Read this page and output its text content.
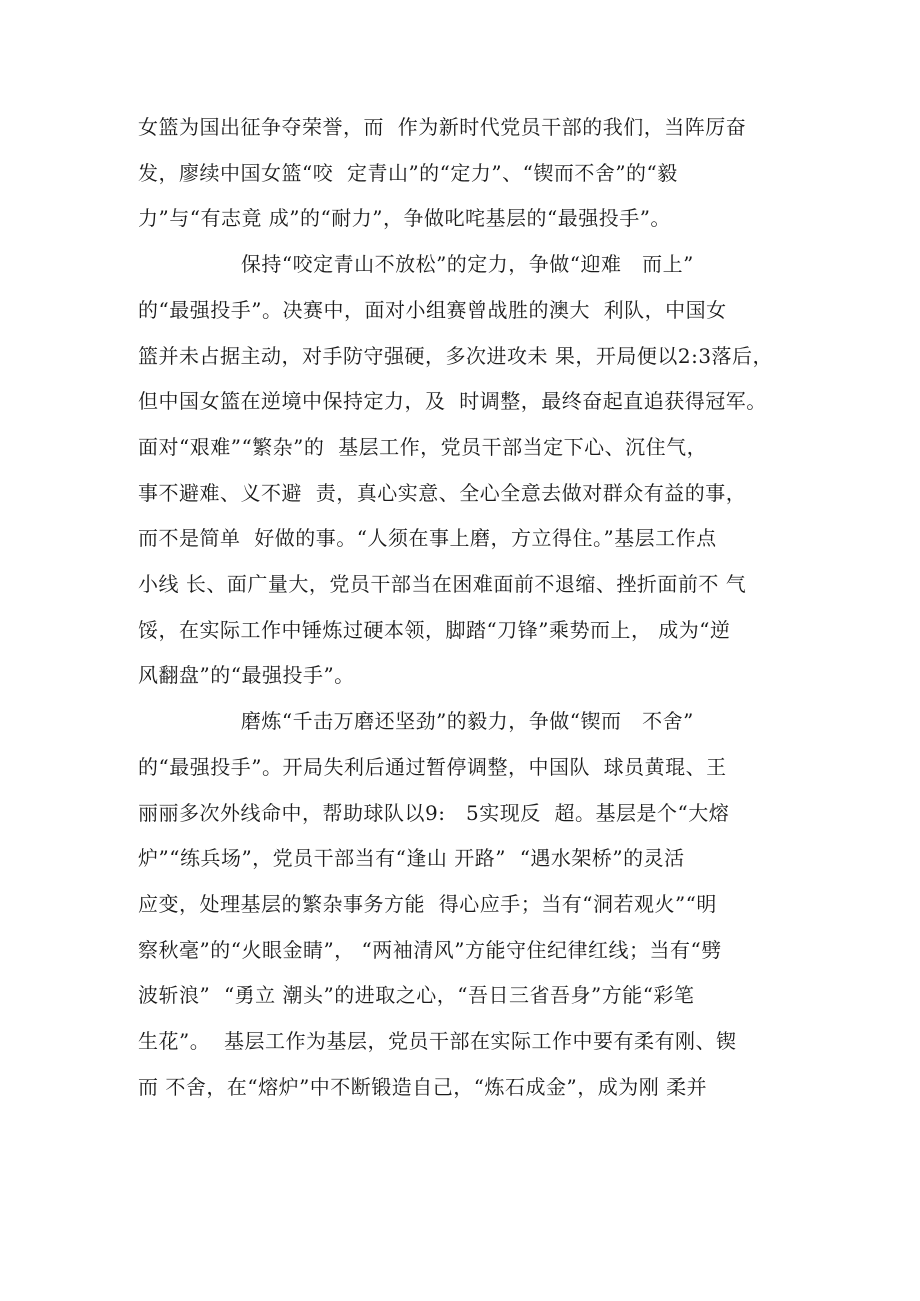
女篮为国出征争夺荣誉，而  作为新时代党员干部的我们，当阵厉奋
发，廖续中国女篮“咬  定青山”的“定力”、“锲而不舍”的“毅
力”与“有志竟 成”的“耐力”，争做叱咤基层的“最强投手”。
保持“咬定青山不放松”的定力，争做“迎难   而上”
的“最强投手”。决赛中，面对小组赛曾战胜的澳大  利队，中国女
篮并未占据主动，对手防守强硬，多次进攻未 果，开局便以2:3落后，
但中国女篮在逆境中保持定力，及  时调整，最终奋起直追获得冠军。
面对“艰难”“繁杂”的  基层工作，党员干部当定下心、沉住气，
事不避难、义不避  责，真心实意、全心全意去做对群众有益的事，
而不是简单  好做的事。“人须在事上磨，方立得住。”基层工作点
小线 长、面广量大，党员干部当在困难面前不退缩、挫折面前不 气
馁，在实际工作中锤炼过硬本领，脚踏“刀锋”乘势而上， 成为“逆
风翻盘”的“最强投手”。
磨炼“千击万磨还坚劲”的毅力，争做“锲而   不舍”
的“最强投手”。开局失利后通过暂停调整，中国队  球员黄琨、王
丽丽多次外线命中，帮助球队以9:   5实现反  超。基层是个“大熔
炉”“练兵场”，党员干部当有“逢山 开路”  “遇水架桥”的灵活
应变，处理基层的繁杂事务方能  得心应手；当有“洞若观火”“明
察秋毫”的“火眼金睛”， “两袖清风”方能守住纪律红线；当有“劈
波斩浪”  “勇立 潮头”的进取之心，“吾日三省吾身”方能“彩笔
生花”。  基层工作为基层，党员干部在实际工作中要有柔有刚、锲
而 不舍，在“熔炉”中不断锻造自己，“炼石成金”，成为刚 柔并
